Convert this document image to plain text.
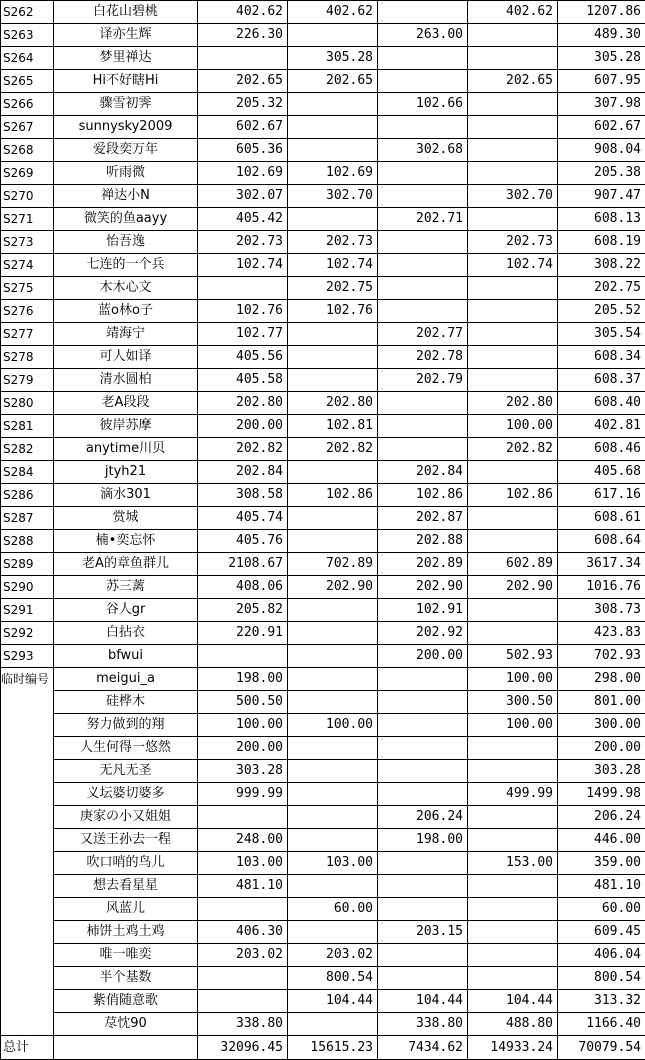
S262	白花山碧桃	402.62	402.62		402.62	1207.86
S263	译亦生辉	226.30		263.00		489.30
S264	梦里禅达		305.28			305.28
S265	Hi不好瞎Hi	202.65	202.65		202.65	607.95
S266	骤雪初霁	205.32		102.66		307.98
S267	sunnysky2009	602.67				602.67
S268	爱段奕万年	605.36		302.68		908.04
S269	听雨微	102.69	102.69			205.38
S270	禅达小N	302.07	302.70		302.70	907.47
S271	微笑的鱼aayy	405.42		202.71		608.13
S273	怡吾逸	202.73	202.73		202.73	608.19
S274	七连的一个兵	102.74	102.74		102.74	308.22
S275	木木心文		202.75			202.75
S276	蓝o林o子	102.76	102.76			205.52
S277	靖海宁	102.77		202.77		305.54
S278	可人如译	405.56		202.78		608.34
S279	清水圆柏	405.58		202.79		608.37
S280	老A段段	202.80	202.80		202.80	608.40
S281	彼岸苏摩	200.00	102.81		100.00	402.81
S282	anytime川贝	202.82	202.82		202.82	608.46
S284	jtyh21	202.84		202.84		405.68
S286	滴水301	308.58	102.86	102.86	102.86	617.16
S287	赏城	405.74		202.87		608.61
S288	楠•奕忘怀	405.76		202.88		608.64
S289	老A的章鱼群儿	2108.67	702.89	202.89	602.89	3617.34
S290	苏三蓠	408.06	202.90	202.90	202.90	1016.76
S291	谷人gr	205.82		102.91		308.73
S292	白拈衣	220.91		202.92		423.83
S293	bfwui			200.00	502.93	702.93
临时编号	meigui_a	198.00			100.00	298.00
	硅桦木	500.50			300.50	801.00
	努力做到的翔	100.00	100.00		100.00	300.00
	人生何得一悠然	200.00				200.00
	无凡无圣	303.28				303.28
	义坛婆切婆多	999.99			499.99	1499.98
	庚家の小又姐姐			206.24		206.24
	又送王孙去一程	248.00		198.00		446.00
	吹口哨的鸟儿	103.00	103.00		153.00	359.00
	想去看星星	481.10				481.10
	风蓝儿		60.00			60.00
	柿饼土鸡土鸡	406.30		203.15		609.45
	唯一唯奕	203.02	203.02			406.04
	半个基数		800.54			800.54
	紫俏随意歌		104.44	104.44	104.44	313.32
	荩忱90	338.80		338.80	488.80	1166.40
总计		32096.45	15615.23	7434.62	14933.24	70079.54
